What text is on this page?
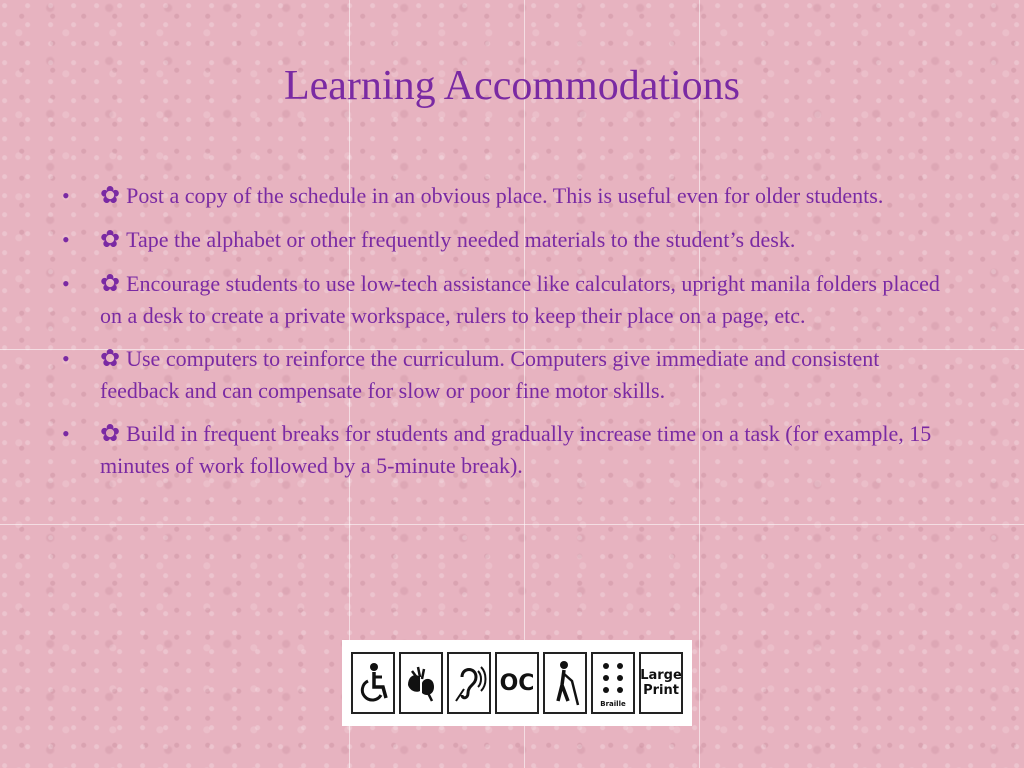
Learning Accommodations
• ✿ Post a copy of the schedule in an obvious place. This is useful even for older students.
• ✿ Tape the alphabet or other frequently needed materials to the student’s desk.
• ✿ Encourage students to use low-tech assistance like calculators, upright manila folders placed on a desk to create a private workspace, rulers to keep their place on a page, etc.
• ✿ Use computers to reinforce the curriculum. Computers give immediate and consistent feedback and can compensate for slow or poor fine motor skills.
• ✿ Build in frequent breaks for students and gradually increase time on a task (for example, 15 minutes of work followed by a 5-minute break).
OC
Braille
Large
Print
